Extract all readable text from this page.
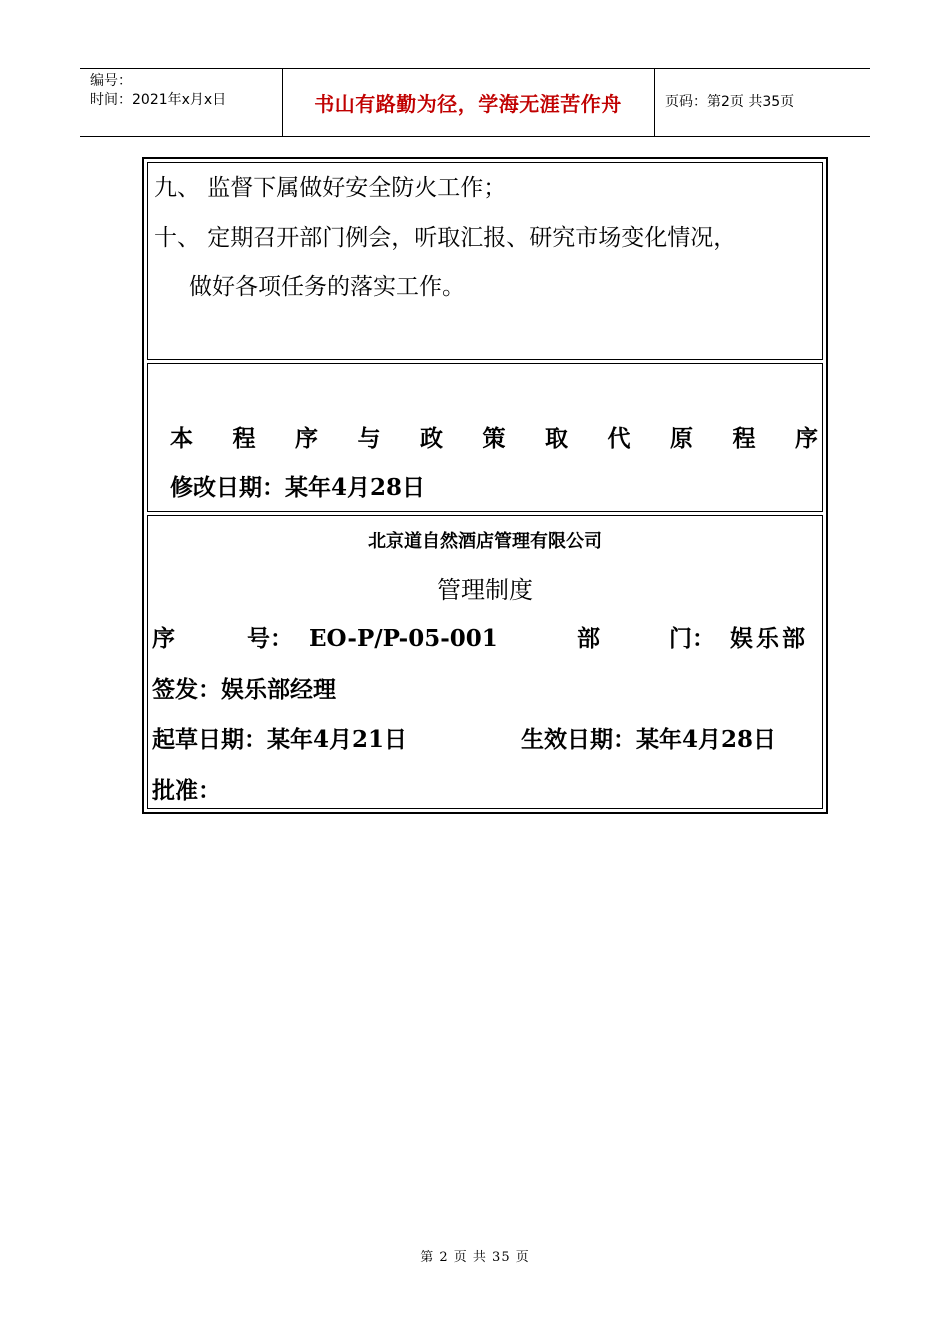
编号：
时间：2021年x月x日	书山有路勤为径，学海无涯苦作舟	页码：第2页 共35页
九、 监督下属做好安全防火工作；
十、 定期召开部门例会，听取汇报、研究市场变化情况，
做好各项任务的落实工作。
本 程 序 与 政 策 取 代 原 程 序
修改日期：某年4月28日
北京道自然酒店管理有限公司
管理制度
序	号： EO-P/P-05-001	部	门： 娱乐部
签发：娱乐部经理
起草日期：某年4月21日	生效日期：某年4月28日
批准：
第 2 页 共 35 页
